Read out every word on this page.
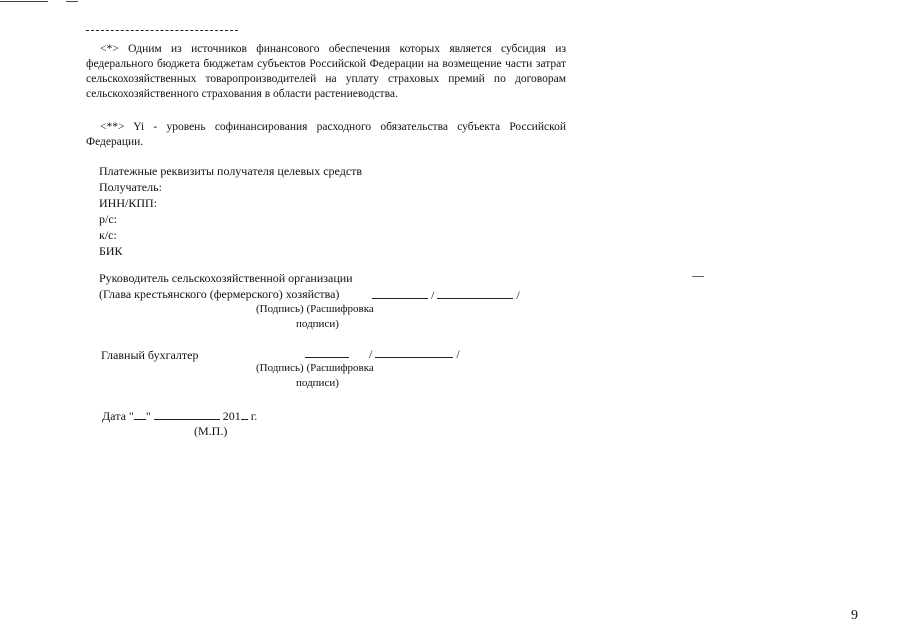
<*> Одним из источников финансового обеспечения которых является субсидия из федерального бюджета бюджетам субъектов Российской Федерации на возмещение части затрат сельскохозяйственных товаропроизводителей на уплату страховых премий по договорам сельскохозяйственного страхования в области растениеводства.
<**> Yi - уровень софинансирования расходного обязательства субъекта Российской Федерации.
Платежные реквизиты получателя целевых средств
Получатель:
ИНН/КПП:
р/с:
к/с:
БИК
Руководитель сельскохозяйственной организации
(Глава крестьянского (фермерского) хозяйства)	/	/
(Подпись) (Расшифровка
подписи)
Главный бухгалтер	/	/
(Подпись) (Расшифровка
подписи)
Дата " "	201 г.
(М.П.)
9
